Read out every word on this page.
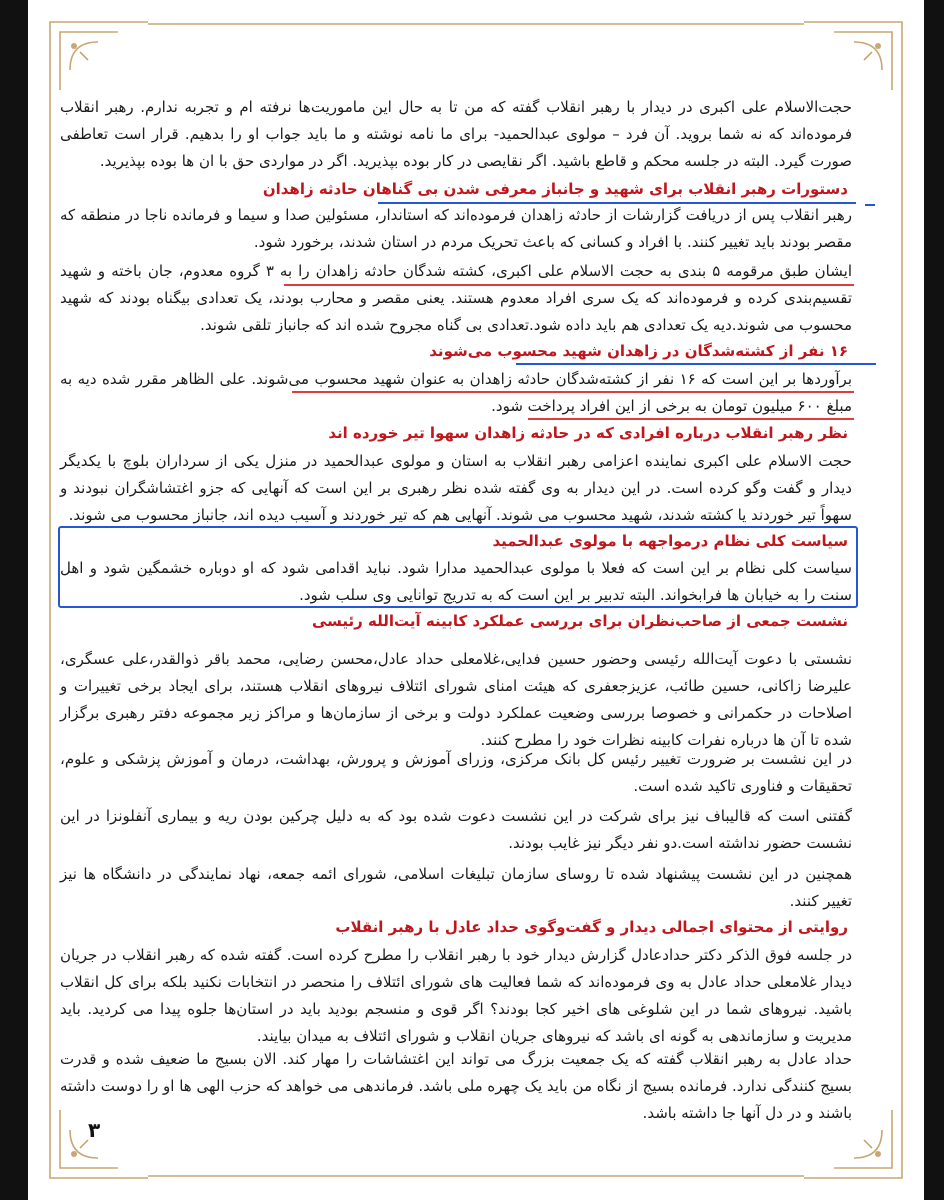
حجت‌الاسلام علی اکبری در دیدار با رهبر انقلاب گفته که من تا به حال این ماموریت‌ها نرفته ام و تجربه ندارم. رهبر انقلاب فرموده‌اند که نه شما بروید. آن فرد – مولوی عبدالحمید- برای ما نامه نوشته و ما باید جواب او را بدهیم. قرار است تعاطفی صورت گیرد. البته در جلسه محکم و قاطع باشید. اگر نقایصی در کار بوده بپذیرید. اگر در مواردی حق با ان ها بوده بپذیرید.
دستورات رهبر انقلاب برای شهید و جانباز معرفی شدن بی گناهان حادثه زاهدان
رهبر انقلاب پس از دریافت گزارشات از حادثه زاهدان فرموده‌اند که استاندار، مسئولین صدا و سیما و فرمانده ناجا در منطقه که مقصر بودند باید تغییر کنند. با افراد و کسانی که باعث تحریک مردم در استان شدند، برخورد شود.
ایشان طبق مرقومه ۵ بندی به حجت الاسلام علی اکبری، کشته شدگان حادثه زاهدان را به ۳ گروه معدوم، جان باخته و شهید تقسیم‌بندی کرده و فرموده‌اند که یک سری افراد معدوم هستند. یعنی مقصر و محارب بودند، یک تعدادی بیگناه بودند که شهید محسوب می شوند.دیه یک تعدادی هم باید داده شود.تعدادی بی گناه مجروح شده اند که جانباز تلقی شوند.
۱۶ نفر از کشته‌شدگان در زاهدان شهید محسوب می‌شوند
برآوردها بر این است که ۱۶ نفر از کشته‌شدگان حادثه زاهدان به عنوان شهید محسوب می‌شوند. علی الظاهر مقرر شده دیه به مبلغ ۶۰۰ میلیون تومان به برخی از این افراد پرداخت شود.
نظر رهبر انقلاب درباره افرادی که در حادثه زاهدان سهوا تیر خورده اند
حجت الاسلام علی اکبری نماینده اعزامی رهبر انقلاب به استان و مولوی عبدالحمید در منزل یکی از سرداران بلوچ با یکدیگر دیدار و گفت وگو کرده است. در این دیدار به وی گفته شده نظر رهبری بر این است که آنهایی که جزو اغتشاشگران نبودند و سهواً تیر خوردند یا کشته شدند، شهید محسوب می شوند. آنهایی هم که تیر خوردند و آسیب دیده اند، جانباز محسوب می شوند.
سیاست کلی نظام درمواجهه با مولوی عبدالحمید
سیاست کلی نظام بر این است که فعلا با مولوی عبدالحمید مدارا شود. نباید اقدامی شود که او دوباره خشمگین شود و اهل سنت را به خیابان ها فرابخواند. البته تدبیر بر این است که به تدریج توانایی وی سلب شود.
نشست جمعی از صاحب‌نظران برای بررسی عملکرد کابینه آیت‌الله رئیسی
نشستی با دعوت آیت‌الله رئیسی وحضور حسین فدایی،غلامعلی حداد عادل،محسن رضایی، محمد باقر ذوالقدر،علی عسگری، علیرضا زاکانی، حسین طائب، عزیزجعفری که هیئت امنای شورای ائتلاف نیروهای انقلاب هستند، برای ایجاد برخی تغییرات و اصلاحات در حکمرانی و خصوصا بررسی وضعیت عملکرد دولت و برخی از سازمان‌ها و مراکز زیر مجموعه دفتر رهبری برگزار شده تا آن ها درباره نفرات کابینه نظرات خود را مطرح کنند.
در این نشست بر ضرورت تغییر رئیس کل بانک مرکزی، وزرای آموزش و پرورش، بهداشت، درمان و آموزش پزشکی و علوم، تحقیقات و فناوری تاکید شده است.
گفتنی است که قالیباف نیز برای شرکت در این نشست دعوت شده بود که به دلیل چرکین بودن ریه و بیماری آنفلونزا در این نشست حضور نداشته است.دو نفر دیگر نیز غایب بودند.
همچنین در این نشست پیشنهاد شده تا روسای سازمان تبلیغات اسلامی، شورای ائمه جمعه، نهاد نمایندگی در دانشگاه ها نیز تغییر کنند.
روایتی از محتوای اجمالی دیدار و گفت‌وگوی حداد عادل با رهبر انقلاب
در جلسه فوق الذکر دکتر حدادعادل گزارش دیدار خود با رهبر انقلاب را مطرح کرده است. گفته شده که رهبر انقلاب در جریان دیدار غلامعلی حداد عادل به وی فرموده‌اند که شما فعالیت های شورای ائتلاف را منحصر در انتخابات نکنید بلکه برای کل انقلاب باشید. نیروهای شما در این شلوغی های اخیر کجا بودند؟ اگر قوی و منسجم بودید باید در استان‌ها جلوه پیدا می کردید. باید مدیریت و سازماندهی به گونه ای باشد که نیروهای جریان انقلاب و شورای ائتلاف به میدان بیایند.
حداد عادل به رهبر انقلاب گفته که یک جمعیت بزرگ می تواند این اغتشاشات را مهار کند. الان بسیج ما ضعیف شده و قدرت بسیج کنندگی ندارد. فرمانده بسیج از نگاه من باید یک چهره ملی باشد. فرماندهی می خواهد که حزب الهی ها او را دوست داشته باشند و در دل آنها جا داشته باشد.
۳
